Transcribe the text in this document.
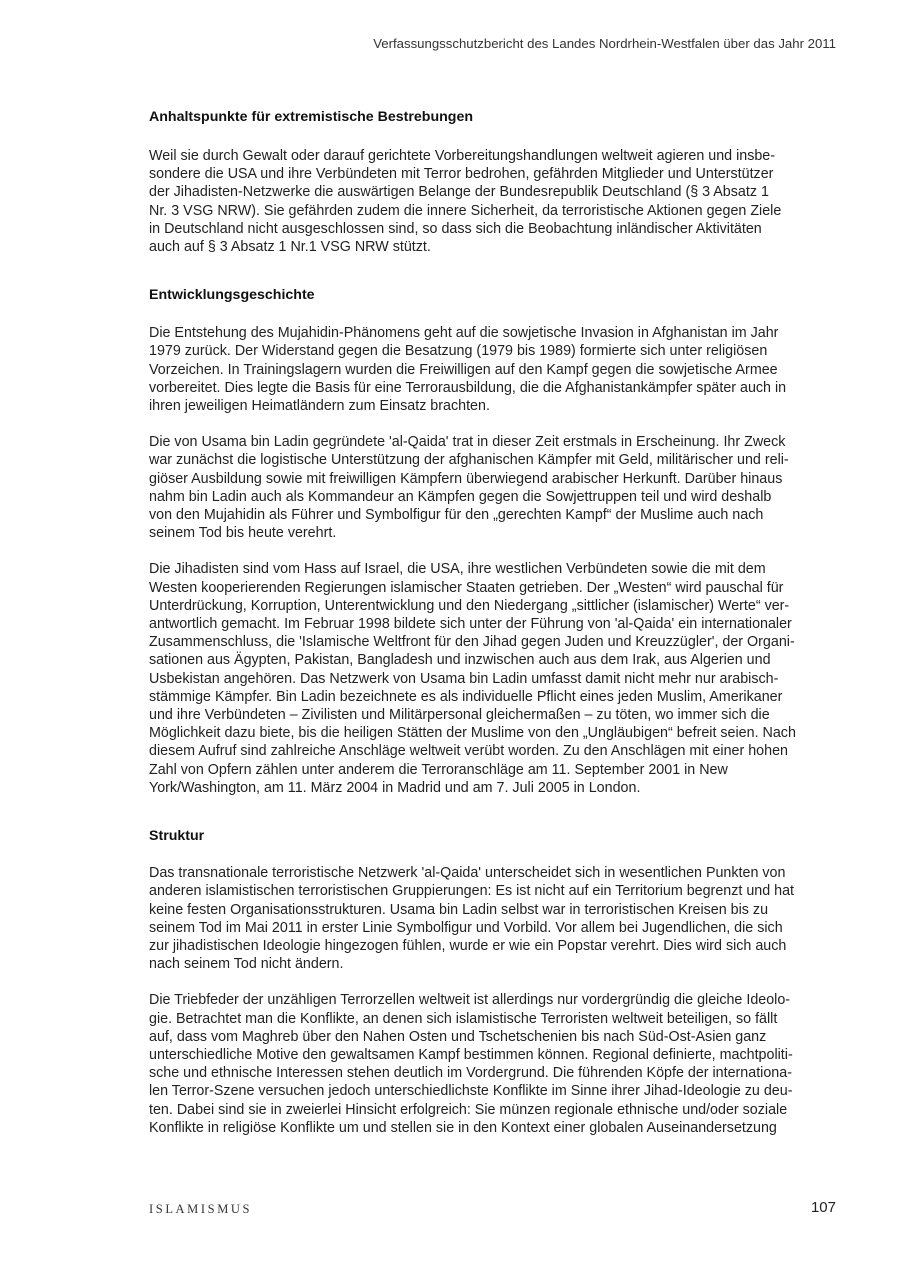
Verfassungsschutzbericht des Landes Nordrhein-Westfalen über das Jahr 2011
Anhaltspunkte für extremistische Bestrebungen

Weil sie durch Gewalt oder darauf gerichtete Vorbereitungshandlungen weltweit agieren und insbe-
sondere die USA und ihre Verbündeten mit Terror bedrohen, gefährden Mitglieder und Unterstützer
der Jihadisten-Netzwerke die auswärtigen Belange der Bundesrepublik Deutschland (§ 3 Absatz 1
Nr. 3 VSG NRW). Sie gefährden zudem die innere Sicherheit, da terroristische Aktionen gegen Ziele
in Deutschland nicht ausgeschlossen sind, so dass sich die Beobachtung inländischer Aktivitäten
auch auf § 3 Absatz 1 Nr.1 VSG NRW stützt.

Entwicklungsgeschichte

Die Entstehung des Mujahidin-Phänomens geht auf die sowjetische Invasion in Afghanistan im Jahr
1979 zurück. Der Widerstand gegen die Besatzung (1979 bis 1989) formierte sich unter religiösen
Vorzeichen. In Trainingslagern wurden die Freiwilligen auf den Kampf gegen die sowjetische Armee
vorbereitet. Dies legte die Basis für eine Terrorausbildung, die die Afghanistankämpfer später auch in
ihren jeweiligen Heimatländern zum Einsatz brachten.

Die von Usama bin Ladin gegründete 'al-Qaida' trat in dieser Zeit erstmals in Erscheinung. Ihr Zweck
war zunächst die logistische Unterstützung der afghanischen Kämpfer mit Geld, militärischer und reli-
giöser Ausbildung sowie mit freiwilligen Kämpfern überwiegend arabischer Herkunft. Darüber hinaus
nahm bin Ladin auch als Kommandeur an Kämpfen gegen die Sowjettruppen teil und wird deshalb
von den Mujahidin als Führer und Symbolfigur für den „gerechten Kampf“ der Muslime auch nach
seinem Tod bis heute verehrt.

Die Jihadisten sind vom Hass auf Israel, die USA, ihre westlichen Verbündeten sowie die mit dem
Westen kooperierenden Regierungen islamischer Staaten getrieben. Der „Westen“ wird pauschal für
Unterdrückung, Korruption, Unterentwicklung und den Niedergang „sittlicher (islamischer) Werte“ ver-
antwortlich gemacht. Im Februar 1998 bildete sich unter der Führung von 'al-Qaida' ein internationaler
Zusammenschluss, die 'Islamische Weltfront für den Jihad gegen Juden und Kreuzzügler', der Organi-
sationen aus Ägypten, Pakistan, Bangladesh und inzwischen auch aus dem Irak, aus Algerien und
Usbekistan angehören. Das Netzwerk von Usama bin Ladin umfasst damit nicht mehr nur arabisch-
stämmige Kämpfer. Bin Ladin bezeichnete es als individuelle Pflicht eines jeden Muslim, Amerikaner
und ihre Verbündeten – Zivilisten und Militärpersonal gleichermaßen – zu töten, wo immer sich die
Möglichkeit dazu biete, bis die heiligen Stätten der Muslime von den „Ungläubigen“ befreit seien. Nach
diesem Aufruf sind zahlreiche Anschläge weltweit verübt worden. Zu den Anschlägen mit einer hohen
Zahl von Opfern zählen unter anderem die Terroranschläge am 11. September 2001 in New
York/Washington, am 11. März 2004 in Madrid und am 7. Juli 2005 in London.

Struktur

Das transnationale terroristische Netzwerk 'al-Qaida' unterscheidet sich in wesentlichen Punkten von
anderen islamistischen terroristischen Gruppierungen: Es ist nicht auf ein Territorium begrenzt und hat
keine festen Organisationsstrukturen. Usama bin Ladin selbst war in terroristischen Kreisen bis zu
seinem Tod im Mai 2011 in erster Linie Symbolfigur und Vorbild. Vor allem bei Jugendlichen, die sich
zur jihadistischen Ideologie hingezogen fühlen, wurde er wie ein Popstar verehrt. Dies wird sich auch
nach seinem Tod nicht ändern.

Die Triebfeder der unzähligen Terrorzellen weltweit ist allerdings nur vordergründig die gleiche Ideolo-
gie. Betrachtet man die Konflikte, an denen sich islamistische Terroristen weltweit beteiligen, so fällt
auf, dass vom Maghreb über den Nahen Osten und Tschetschenien bis nach Süd-Ost-Asien ganz
unterschiedliche Motive den gewaltsamen Kampf bestimmen können. Regional definierte, machtpoliti-
sche und ethnische Interessen stehen deutlich im Vordergrund. Die führenden Köpfe der internationa-
len Terror-Szene versuchen jedoch unterschiedlichste Konflikte im Sinne ihrer Jihad-Ideologie zu deu-
ten. Dabei sind sie in zweierlei Hinsicht erfolgreich: Sie münzen regionale ethnische und/oder soziale
Konflikte in religiöse Konflikte um und stellen sie in den Kontext einer globalen Auseinandersetzung

ISLAMISMUS	107
